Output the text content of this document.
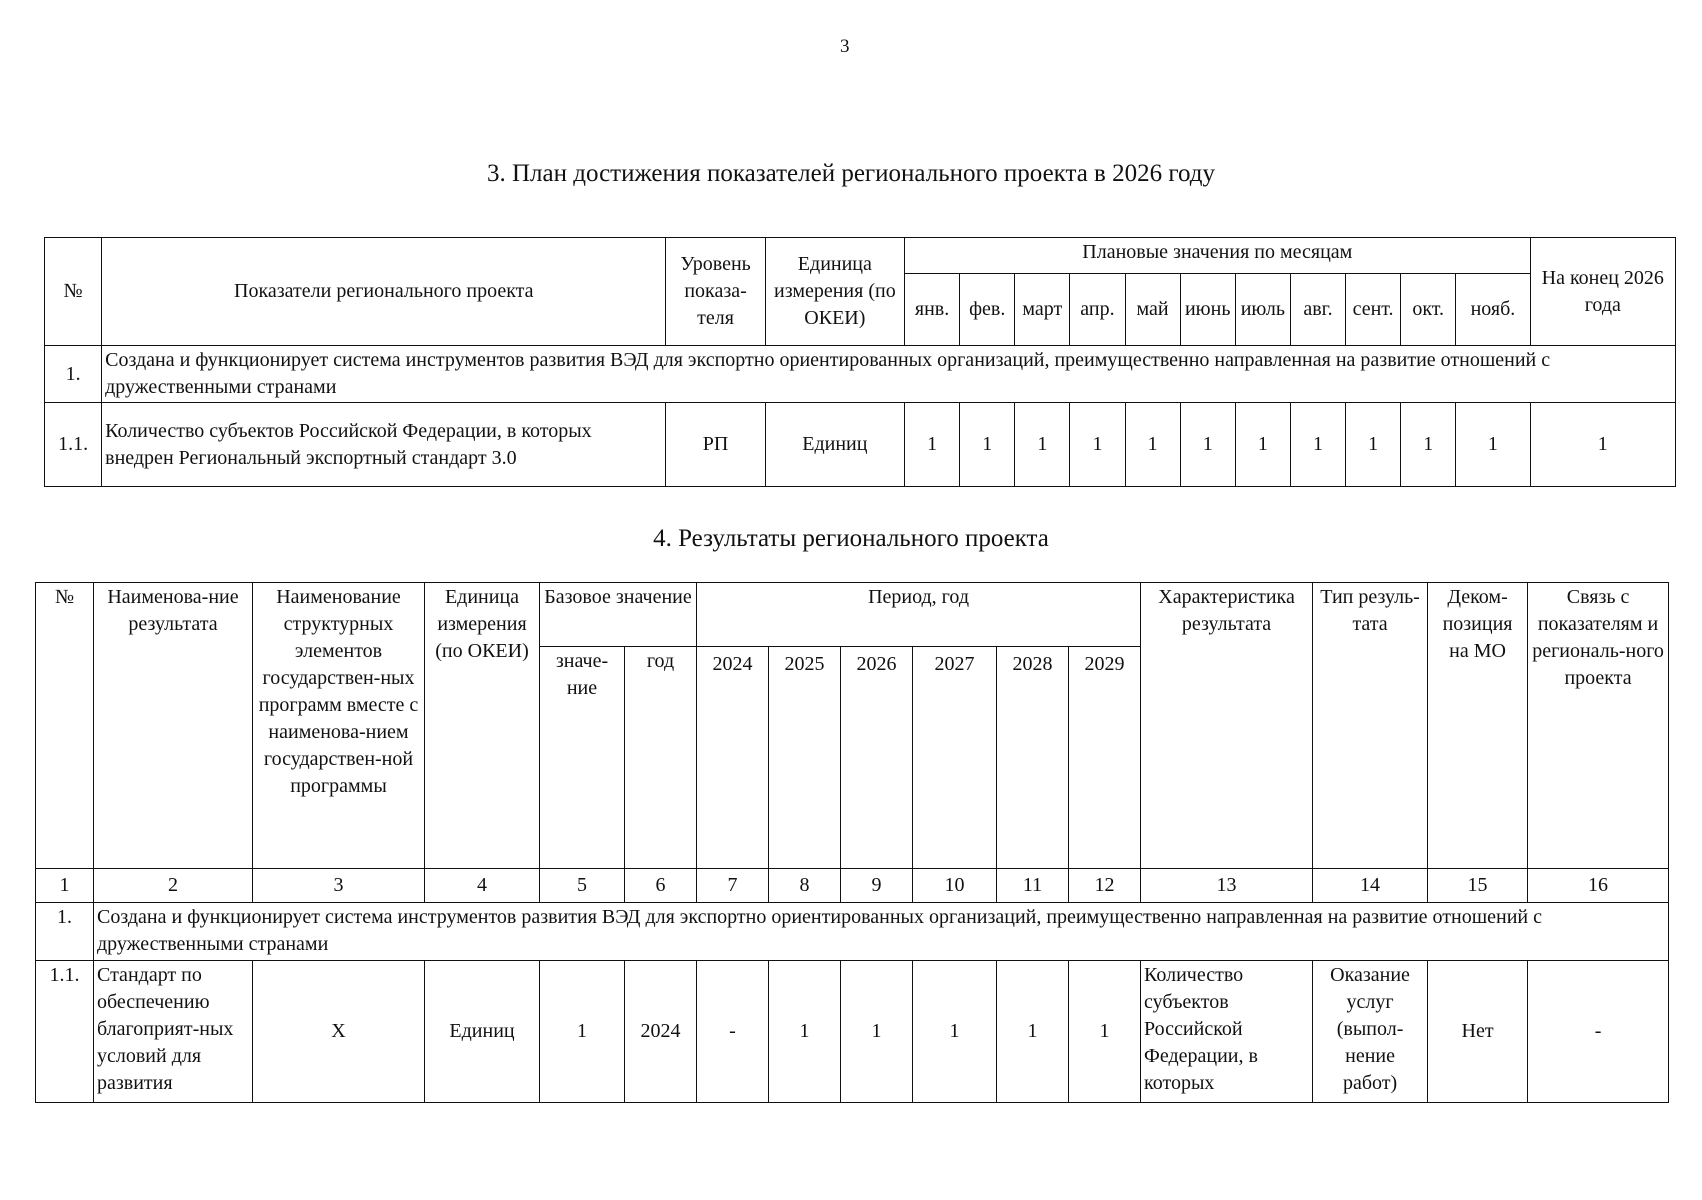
3
3. План достижения показателей регионального проекта в 2026 году
№	Показатели регионального проекта	Уровень показа-теля	Единица измерения (по ОКЕИ)	Плановые значения по месяцам											На конец 2026 года
				янв.	фев.	март	апр.	май	июнь	июль	авг.	сент.	окт.	нояб.	
1.	Создана и функционирует система инструментов развития ВЭД для экспортно ориентированных организаций, преимущественно направленная на развитие отношений с дружественными странами														
1.1.	Количество субъектов Российской Федерации, в которых внедрен Региональный экспортный стандарт 3.0	РП	Единиц	1	1	1	1	1	1	1	1	1	1	1	1
4. Результаты регионального проекта
№	Наименова-ние результата	Наименование структурных элементов государствен-ных программ вместе с наименова-нием государствен-ной программы	Единица измерения (по ОКЕИ)	Базовое значение		Период, год						Характеристика результата	Тип резуль-тата	Деком-позиция на МО	Связь с показателям и региональ-ного проекта
				значе-ние	год	2024	2025	2026	2027	2028	2029				
1	2	3	4	5	6	7	8	9	10	11	12	13	14	15	16
1.	Создана и функционирует система инструментов развития ВЭД для экспортно ориентированных организаций, преимущественно направленная на развитие отношений с дружественными странами														
1.1.	Стандарт по обеспечению благоприят-ных условий для развития	Х	Единиц	1	2024	-	1	1	1	1	1	Количество субъектов Российской Федерации, в которых	Оказание услуг (выпол-нение работ)	Нет	-
